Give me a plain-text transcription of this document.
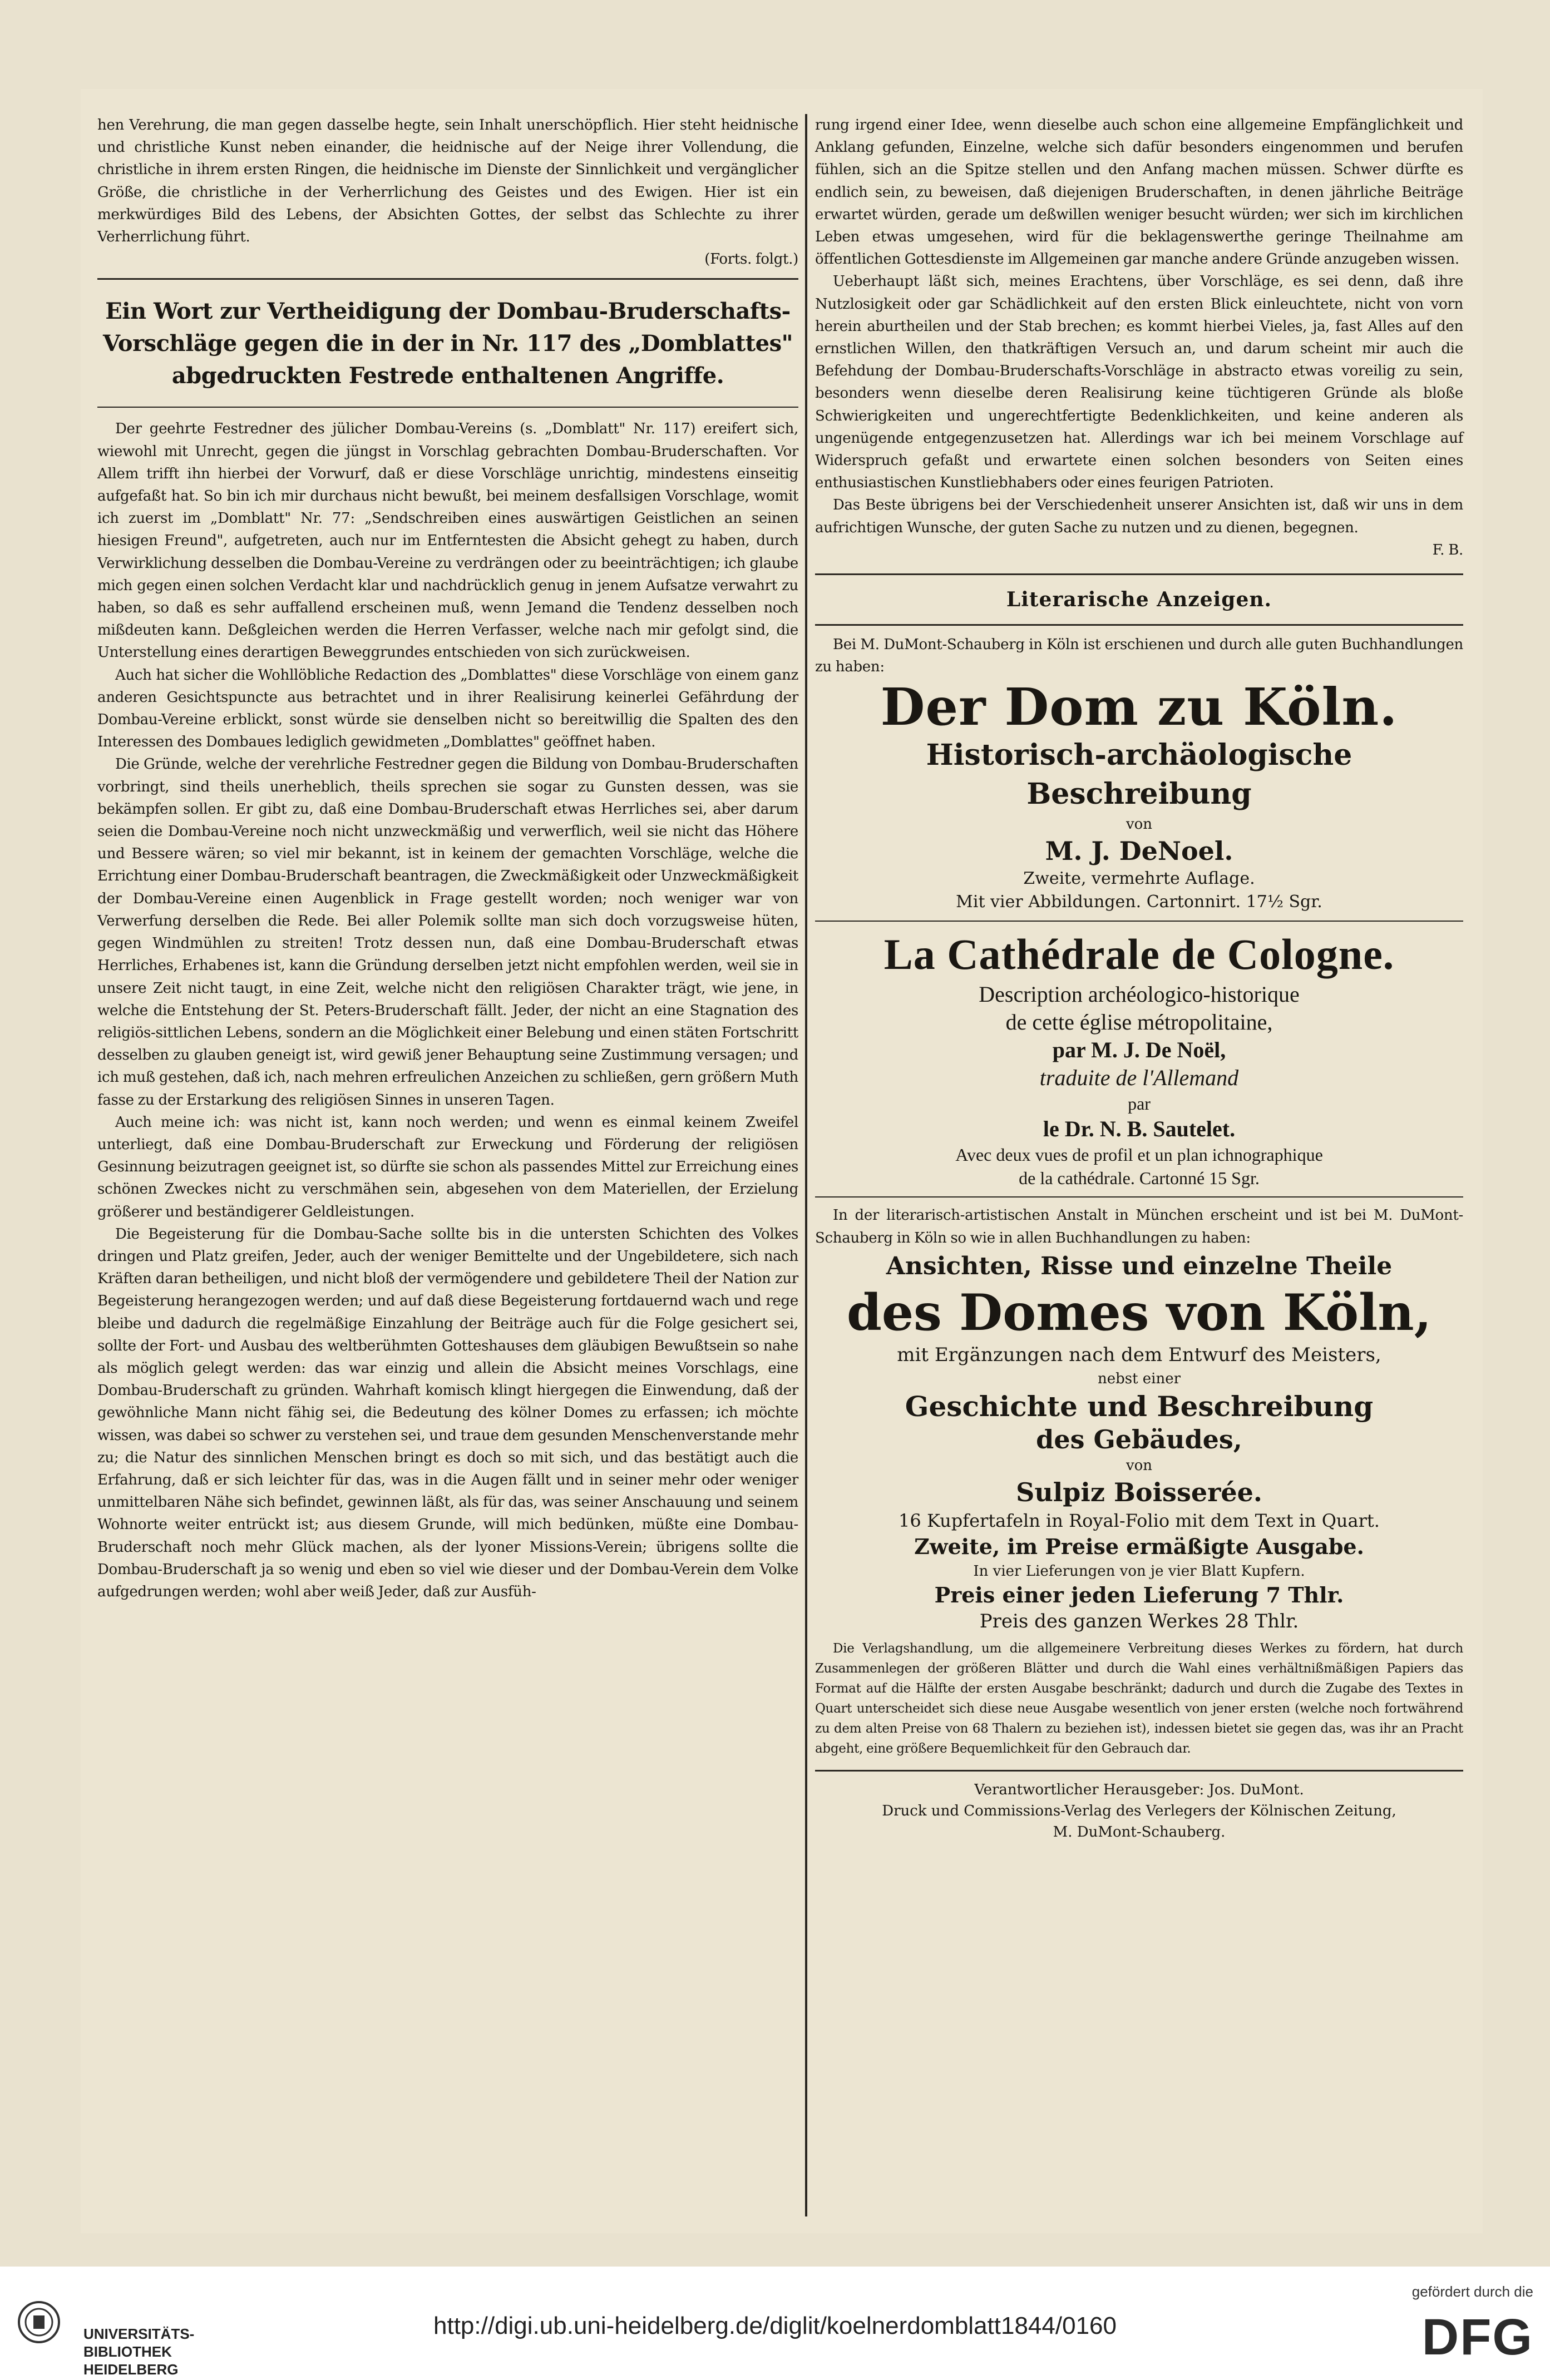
hen Verehrung, die man gegen dasselbe hegte, sein Inhalt unerschöpflich. Hier steht heidnische und christliche Kunst neben einander, die heidnische auf der Neige ihrer Vollendung, die christliche in ihrem ersten Ringen, die heidnische im Dienste der Sinnlichkeit und vergänglicher Größe, die christliche in der Verherrlichung des Geistes und des Ewigen. Hier ist ein merkwürdiges Bild des Lebens, der Absichten Gottes, der selbst das Schlechte zu ihrer Verherrlichung führt.

(Forts. folgt.)

Ein Wort zur Vertheidigung der Dombau-Bruderschafts-Vorschläge gegen die in der in Nr. 117 des „Domblattes" abgedruckten Festrede enthaltenen Angriffe.

Der geehrte Festredner des jülicher Dombau-Vereins (s. „Domblatt" Nr. 117) ereifert sich, wiewohl mit Unrecht, gegen die jüngst in Vorschlag gebrachten Dombau-Bruderschaften. Vor Allem trifft ihn hierbei der Vorwurf, daß er diese Vorschläge unrichtig, mindestens einseitig aufgefaßt hat. So bin ich mir durchaus nicht bewußt, bei meinem desfallsigen Vorschlage, womit ich zuerst im „Domblatt" Nr. 77: „Sendschreiben eines auswärtigen Geistlichen an seinen hiesigen Freund", aufgetreten, auch nur im Entferntesten die Absicht gehegt zu haben, durch Verwirklichung desselben die Dombau-Vereine zu verdrängen oder zu beeinträchtigen; ich glaube mich gegen einen solchen Verdacht klar und nachdrücklich genug in jenem Aufsatze verwahrt zu haben, so daß es sehr auffallend erscheinen muß, wenn Jemand die Tendenz desselben noch mißdeuten kann. Deßgleichen werden die Herren Verfasser, welche nach mir gefolgt sind, die Unterstellung eines derartigen Beweggrundes entschieden von sich zurückweisen.

Auch hat sicher die Wohllöbliche Redaction des „Domblattes" diese Vorschläge von einem ganz anderen Gesichtspuncte aus betrachtet und in ihrer Realisirung keinerlei Gefährdung der Dombau-Vereine erblickt, sonst würde sie denselben nicht so bereitwillig die Spalten des den Interessen des Dombaues lediglich gewidmeten „Domblattes" geöffnet haben.

Die Gründe, welche der verehrliche Festredner gegen die Bildung von Dombau-Bruderschaften vorbringt, sind theils unerheblich, theils sprechen sie sogar zu Gunsten dessen, was sie bekämpfen sollen. Er gibt zu, daß eine Dombau-Bruderschaft etwas Herrliches sei, aber darum seien die Dombau-Vereine noch nicht unzweckmäßig und verwerflich, weil sie nicht das Höhere und Bessere wären; so viel mir bekannt, ist in keinem der gemachten Vorschläge, welche die Errichtung einer Dombau-Bruderschaft beantragen, die Zweckmäßigkeit oder Unzweckmäßigkeit der Dombau-Vereine einen Augenblick in Frage gestellt worden; noch weniger war von Verwerfung derselben die Rede. Bei aller Polemik sollte man sich doch vorzugsweise hüten, gegen Windmühlen zu streiten! Trotz dessen nun, daß eine Dombau-Bruderschaft etwas Herrliches, Erhabenes ist, kann die Gründung derselben jetzt nicht empfohlen werden, weil sie in unsere Zeit nicht taugt, in eine Zeit, welche nicht den religiösen Charakter trägt, wie jene, in welche die Entstehung der St. Peters-Bruderschaft fällt. Jeder, der nicht an eine Stagnation des religiös-sittlichen Lebens, sondern an die Möglichkeit einer Belebung und einen stäten Fortschritt desselben zu glauben geneigt ist, wird gewiß jener Behauptung seine Zustimmung versagen; und ich muß gestehen, daß ich, nach mehren erfreulichen Anzeichen zu schließen, gern größern Muth fasse zu der Erstarkung des religiösen Sinnes in unseren Tagen.

Auch meine ich: was nicht ist, kann noch werden; und wenn es einmal keinem Zweifel unterliegt, daß eine Dombau-Bruderschaft zur Erweckung und Förderung der religiösen Gesinnung beizutragen geeignet ist, so dürfte sie schon als passendes Mittel zur Erreichung eines schönen Zweckes nicht zu verschmähen sein, abgesehen von dem Materiellen, der Erzielung größerer und beständigerer Geldleistungen.

Die Begeisterung für die Dombau-Sache sollte bis in die untersten Schichten des Volkes dringen und Platz greifen, Jeder, auch der weniger Bemittelte und der Ungebildetere, sich nach Kräften daran betheiligen, und nicht bloß der vermögendere und gebildetere Theil der Nation zur Begeisterung herangezogen werden; und auf daß diese Begeisterung fortdauernd wach und rege bleibe und dadurch die regelmäßige Einzahlung der Beiträge auch für die Folge gesichert sei, sollte der Fort- und Ausbau des weltberühmten Gotteshauses dem gläubigen Bewußtsein so nahe als möglich gelegt werden: das war einzig und allein die Absicht meines Vorschlags, eine Dombau-Bruderschaft zu gründen. Wahrhaft komisch klingt hiergegen die Einwendung, daß der gewöhnliche Mann nicht fähig sei, die Bedeutung des kölner Domes zu erfassen; ich möchte wissen, was dabei so schwer zu verstehen sei, und traue dem gesunden Menschenverstande mehr zu; die Natur des sinnlichen Menschen bringt es doch so mit sich, und das bestätigt auch die Erfahrung, daß er sich leichter für das, was in die Augen fällt und in seiner mehr oder weniger unmittelbaren Nähe sich befindet, gewinnen läßt, als für das, was seiner Anschauung und seinem Wohnorte weiter entrückt ist; aus diesem Grunde, will mich bedünken, müßte eine Dombau-Bruderschaft noch mehr Glück machen, als der lyoner Missions-Verein; übrigens sollte die Dombau-Bruderschaft ja so wenig und eben so viel wie dieser und der Dombau-Verein dem Volke aufgedrungen werden; wohl aber weiß Jeder, daß zur Ausfüh-

rung irgend einer Idee, wenn dieselbe auch schon eine allgemeine Empfänglichkeit und Anklang gefunden, Einzelne, welche sich dafür besonders eingenommen und berufen fühlen, sich an die Spitze stellen und den Anfang machen müssen. Schwer dürfte es endlich sein, zu beweisen, daß diejenigen Bruderschaften, in denen jährliche Beiträge erwartet würden, gerade um deßwillen weniger besucht würden; wer sich im kirchlichen Leben etwas umgesehen, wird für die beklagenswerthe geringe Theilnahme am öffentlichen Gottesdienste im Allgemeinen gar manche andere Gründe anzugeben wissen.

Ueberhaupt läßt sich, meines Erachtens, über Vorschläge, es sei denn, daß ihre Nutzlosigkeit oder gar Schädlichkeit auf den ersten Blick einleuchtete, nicht von vorn herein aburtheilen und der Stab brechen; es kommt hierbei Vieles, ja, fast Alles auf den ernstlichen Willen, den thatkräftigen Versuch an, und darum scheint mir auch die Befehdung der Dombau-Bruderschafts-Vorschläge in abstracto etwas voreilig zu sein, besonders wenn dieselbe deren Realisirung keine tüchtigeren Gründe als bloße Schwierigkeiten und ungerechtfertigte Bedenklichkeiten, und keine anderen als ungenügende entgegenzusetzen hat. Allerdings war ich bei meinem Vorschlage auf Widerspruch gefaßt und erwartete einen solchen besonders von Seiten eines enthusiastischen Kunstliebhabers oder eines feurigen Patrioten.

Das Beste übrigens bei der Verschiedenheit unserer Ansichten ist, daß wir uns in dem aufrichtigen Wunsche, der guten Sache zu nutzen und zu dienen, begegnen.

F. B.

Literarische Anzeigen.

Bei M. DuMont-Schauberg in Köln ist erschienen und durch alle guten Buchhandlungen zu haben:

Der Dom zu Köln.

Historisch-archäologische Beschreibung

von

M. J. DeNoel.

Zweite, vermehrte Auflage.

Mit vier Abbildungen. Cartonnirt. 17½ Sgr.

La Cathédrale de Cologne.

Description archéologico-historique

de cette église métropolitaine,

par M. J. De Noël,

traduite de l'Allemand

par

le Dr. N. B. Sautelet.

Avec deux vues de profil et un plan ichnographique

de la cathédrale. Cartonné 15 Sgr.

In der literarisch-artistischen Anstalt in München erscheint und ist bei M. DuMont-Schauberg in Köln so wie in allen Buchhandlungen zu haben:

Ansichten, Risse und einzelne Theile

des Domes von Köln,

mit Ergänzungen nach dem Entwurf des Meisters,

nebst einer

Geschichte und Beschreibung

des Gebäudes,

von

Sulpiz Boisserée.

16 Kupfertafeln in Royal-Folio mit dem Text in Quart.

Zweite, im Preise ermäßigte Ausgabe.

In vier Lieferungen von je vier Blatt Kupfern.

Preis einer jeden Lieferung 7 Thlr.

Preis des ganzen Werkes 28 Thlr.

Die Verlagshandlung, um die allgemeinere Verbreitung dieses Werkes zu fördern, hat durch Zusammenlegen der größeren Blätter und durch die Wahl eines verhältnißmäßigen Papiers das Format auf die Hälfte der ersten Ausgabe beschränkt; dadurch und durch die Zugabe des Textes in Quart unterscheidet sich diese neue Ausgabe wesentlich von jener ersten (welche noch fortwährend zu dem alten Preise von 68 Thalern zu beziehen ist), indessen bietet sie gegen das, was ihr an Pracht abgeht, eine größere Bequemlichkeit für den Gebrauch dar.

Verantwortlicher Herausgeber: Jos. DuMont.

Druck und Commissions-Verlag des Verlegers der Kölnischen Zeitung,

M. DuMont-Schauberg.

UNIVERSITÄTS-
BIBLIOTHEK
HEIDELBERG
http://digi.ub.uni-heidelberg.de/diglit/koelnerdomblatt1844/0160
gefördert durch die
DFG
